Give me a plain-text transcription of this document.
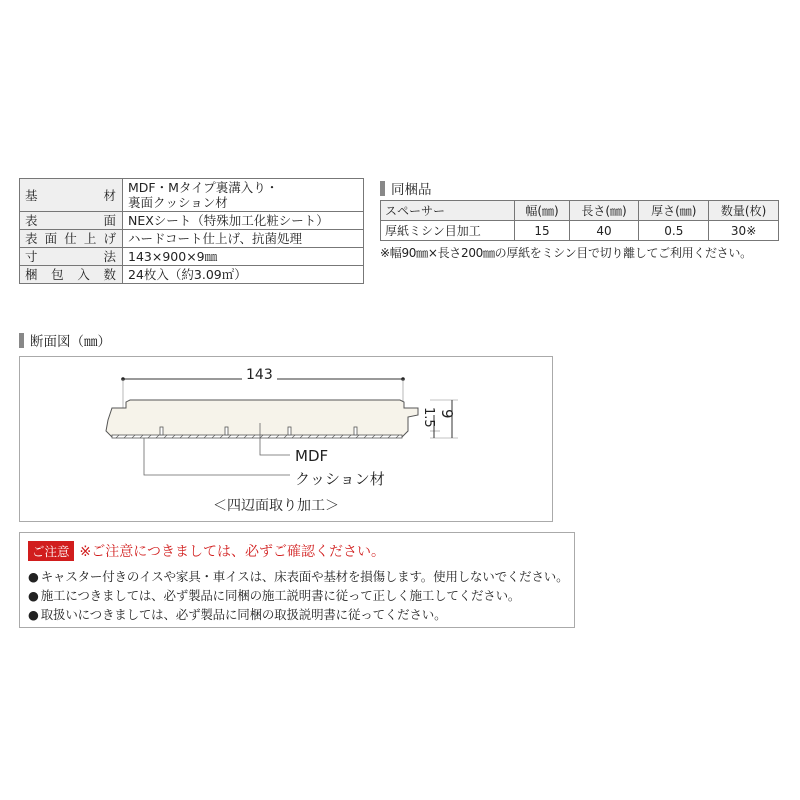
基　材	MDF・Mタイプ裏溝入り・
裏面クッション材

表　面	NEXシート（特殊加工化粧シート）

表面仕上げ	ハードコート仕上げ、抗菌処理

寸　法	143×900×9㎜

梱包入数	24枚入（約3.09㎡）
同梱品
スペーサー	幅(㎜)	長さ(㎜)	厚さ(㎜)	数量(枚)
厚紙ミシン目加工	15	40	0.5	30※
※幅90㎜×長さ200㎜の厚紙をミシン目で切り離してご利用ください。
断面図（㎜）
143
9
1.5
MDF
クッション材
＜四辺面取り加工＞
ご注意 ※ご注意につきましては、必ずご確認ください。
● キャスター付きのイスや家具・車イスは、床表面や基材を損傷します。使用しないでください。
● 施工につきましては、必ず製品に同梱の施工説明書に従って正しく施工してください。
● 取扱いにつきましては、必ず製品に同梱の取扱説明書に従ってください。
